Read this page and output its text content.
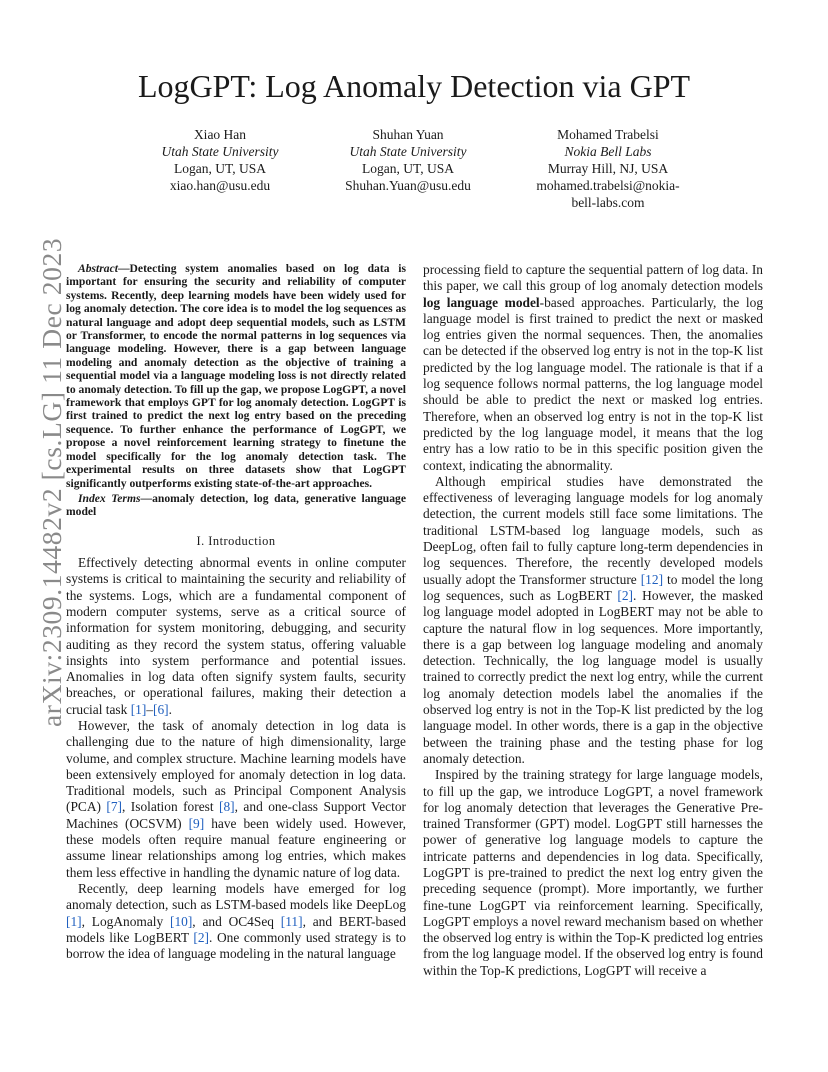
arXiv:2309.14482v2 [cs.LG] 11 Dec 2023
LogGPT: Log Anomaly Detection via GPT
Xiao Han
Utah State University
Logan, UT, USA
xiao.han@usu.edu
Shuhan Yuan
Utah State University
Logan, UT, USA
Shuhan.Yuan@usu.edu
Mohamed Trabelsi
Nokia Bell Labs
Murray Hill, NJ, USA
mohamed.trabelsi@nokia-
bell-labs.com

Abstract—Detecting system anomalies based on log data is important for ensuring the security and reliability of computer systems. Recently, deep learning models have been widely used for log anomaly detection. The core idea is to model the log sequences as natural language and adopt deep sequential models, such as LSTM or Transformer, to encode the normal patterns in log sequences via language modeling. However, there is a gap between language modeling and anomaly detection as the objective of training a sequential model via a language modeling loss is not directly related to anomaly detection. To fill up the gap, we propose LogGPT, a novel framework that employs GPT for log anomaly detection. LogGPT is first trained to predict the next log entry based on the preceding sequence. To further enhance the performance of LogGPT, we propose a novel reinforcement learning strategy to finetune the model specifically for the log anomaly detection task. The experimental results on three datasets show that LogGPT significantly outperforms existing state-of-the-art approaches.

Index Terms—anomaly detection, log data, generative language model

I. Introduction

Effectively detecting abnormal events in online computer systems is critical to maintaining the security and reliability of the systems. Logs, which are a fundamental component of modern computer systems, serve as a critical source of information for system monitoring, debugging, and security auditing as they record the system status, offering valuable insights into system performance and potential issues. Anomalies in log data often signify system faults, security breaches, or operational failures, making their detection a crucial task [1]–[6].

However, the task of anomaly detection in log data is challenging due to the nature of high dimensionality, large volume, and complex structure. Machine learning models have been extensively employed for anomaly detection in log data. Traditional models, such as Principal Component Analysis (PCA) [7], Isolation forest [8], and one-class Support Vector Machines (OCSVM) [9] have been widely used. However, these models often require manual feature engineering or assume linear relationships among log entries, which makes them less effective in handling the dynamic nature of log data.

Recently, deep learning models have emerged for log anomaly detection, such as LSTM-based models like DeepLog [1], LogAnomaly [10], and OC4Seq [11], and BERT-based models like LogBERT [2]. One commonly used strategy is to borrow the idea of language modeling in the natural language

processing field to capture the sequential pattern of log data. In this paper, we call this group of log anomaly detection models log language model-based approaches. Particularly, the log language model is first trained to predict the next or masked log entries given the normal sequences. Then, the anomalies can be detected if the observed log entry is not in the top-K list predicted by the log language model. The rationale is that if a log sequence follows normal patterns, the log language model should be able to predict the next or masked log entries. Therefore, when an observed log entry is not in the top-K list predicted by the log language model, it means that the log entry has a low ratio to be in this specific position given the context, indicating the abnormality.

Although empirical studies have demonstrated the effectiveness of leveraging language models for log anomaly detection, the current models still face some limitations. The traditional LSTM-based log language models, such as DeepLog, often fail to fully capture long-term dependencies in log sequences. Therefore, the recently developed models usually adopt the Transformer structure [12] to model the long log sequences, such as LogBERT [2]. However, the masked log language model adopted in LogBERT may not be able to capture the natural flow in log sequences. More importantly, there is a gap between log language modeling and anomaly detection. Technically, the log language model is usually trained to correctly predict the next log entry, while the current log anomaly detection models label the anomalies if the observed log entry is not in the Top-K list predicted by the log language model. In other words, there is a gap in the objective between the training phase and the testing phase for log anomaly detection.

Inspired by the training strategy for large language models, to fill up the gap, we introduce LogGPT, a novel framework for log anomaly detection that leverages the Generative Pre-trained Transformer (GPT) model. LogGPT still harnesses the power of generative log language models to capture the intricate patterns and dependencies in log data. Specifically, LogGPT is pre-trained to predict the next log entry given the preceding sequence (prompt). More importantly, we further fine-tune LogGPT via reinforcement learning. Specifically, LogGPT employs a novel reward mechanism based on whether the observed log entry is within the Top-K predicted log entries from the log language model. If the observed log entry is found within the Top-K predictions, LogGPT will receive a
